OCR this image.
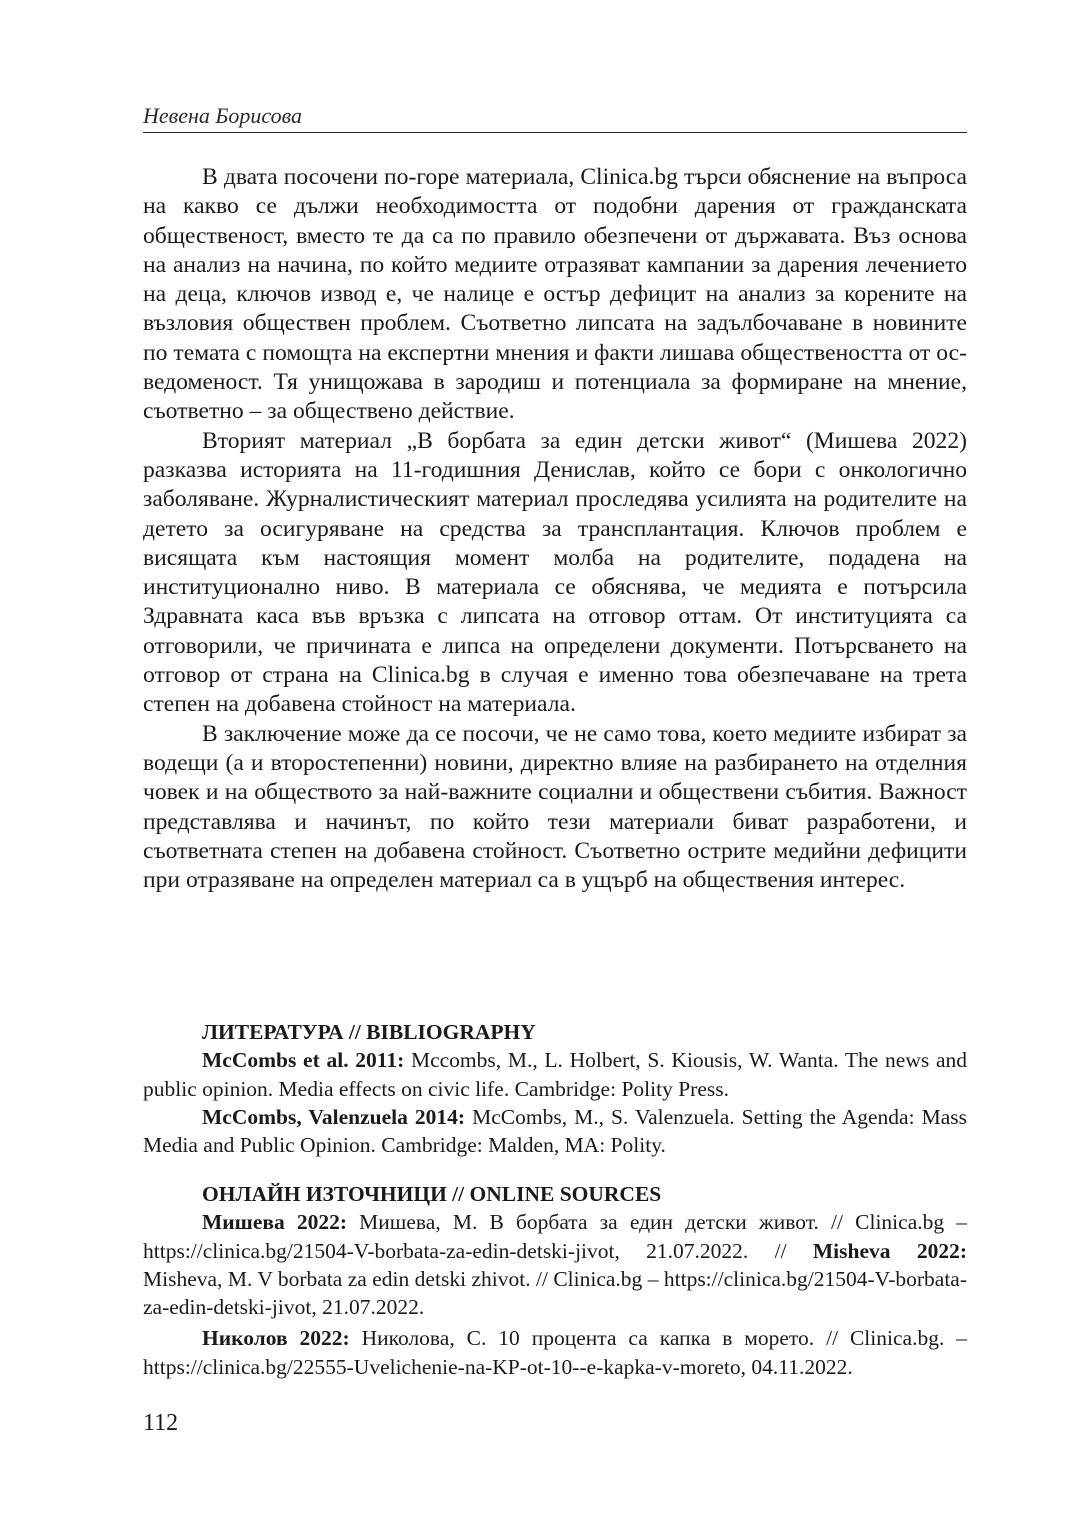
Невена Борисова

В двата посочени по-горе материала, Clinica.bg търси обяснение на въпроса на какво се дължи необходимостта от подобни дарения от гражданската общественост, вместо те да са по правило обезпечени от държавата. Въз основа на анализ на начина, по който медиите отразяват кампании за дарения лечението на деца, ключов извод е, че налице е остър дефицит на анализ за корените на възловия обществен проблем. Съответно липсата на задълбочаване в новините по темата с помощта на експертни мнения и факти лишава обществеността от осведоменост. Тя унищожава в зародиш и потенциала за формиране на мнение, съответно – за обществено действие.

Вторият материал „В борбата за един детски живот“ (Мишева 2022) разказва историята на 11-годишния Денислав, който се бори с онкологично заболяване. Журналистическият материал проследява усилията на родителите на детето за осигуряване на средства за трансплантация. Ключов проблем е висящата към настоящия момент молба на родителите, подадена на институционално ниво. В материала се обяснява, че медията е потърсила Здравната каса във връзка с липсата на отговор оттам. От институцията са отговорили, че причината е липса на определени документи. Потърсването на отговор от страна на Clinica.bg в случая е именно това обезпечаване на трета степен на добавена стойност на материала.

В заключение може да се посочи, че не само това, което медиите избират за водещи (а и второстепенни) новини, директно влияе на разбирането на отделния човек и на обществото за най-важните социални и обществени събития. Важност представлява и начинът, по който тези материали биват разработени, и съответната степен на добавена стойност. Съответно острите медийни дефицити при отразяване на определен материал са в ущърб на обществения интерес.

ЛИТЕРАТУРА // BIBLIOGRAPHY

McCombs et al. 2011: Mccombs, M., L. Holbert, S. Kiousis, W. Wanta. The news and public opinion. Media effects on civic life. Cambridge: Polity Press.

McCombs, Valenzuela 2014: McCombs, M., S. Valenzuela. Setting the Agenda: Mass Media and Public Opinion. Cambridge: Malden, MA: Polity.

ОНЛАЙН ИЗТОЧНИЦИ // ONLINE SOURCES

Мишева 2022: Мишева, М. В борбата за един детски живот. // Clinica.bg – https://clinica.bg/21504-V-borbata-za-edin-detski-jivot, 21.07.2022. // Misheva 2022: Misheva, M. V borbata za edin detski zhivot. // Clinica.bg – https://clinica.bg/21504-V-borbata-za-edin-detski-jivot, 21.07.2022.

Николов 2022: Николова, С. 10 процента са капка в морето. // Clinica.bg. – https://clinica.bg/22555-Uvelichenie-na-KP-ot-10--e-kapka-v-moreto, 04.11.2022.

112
